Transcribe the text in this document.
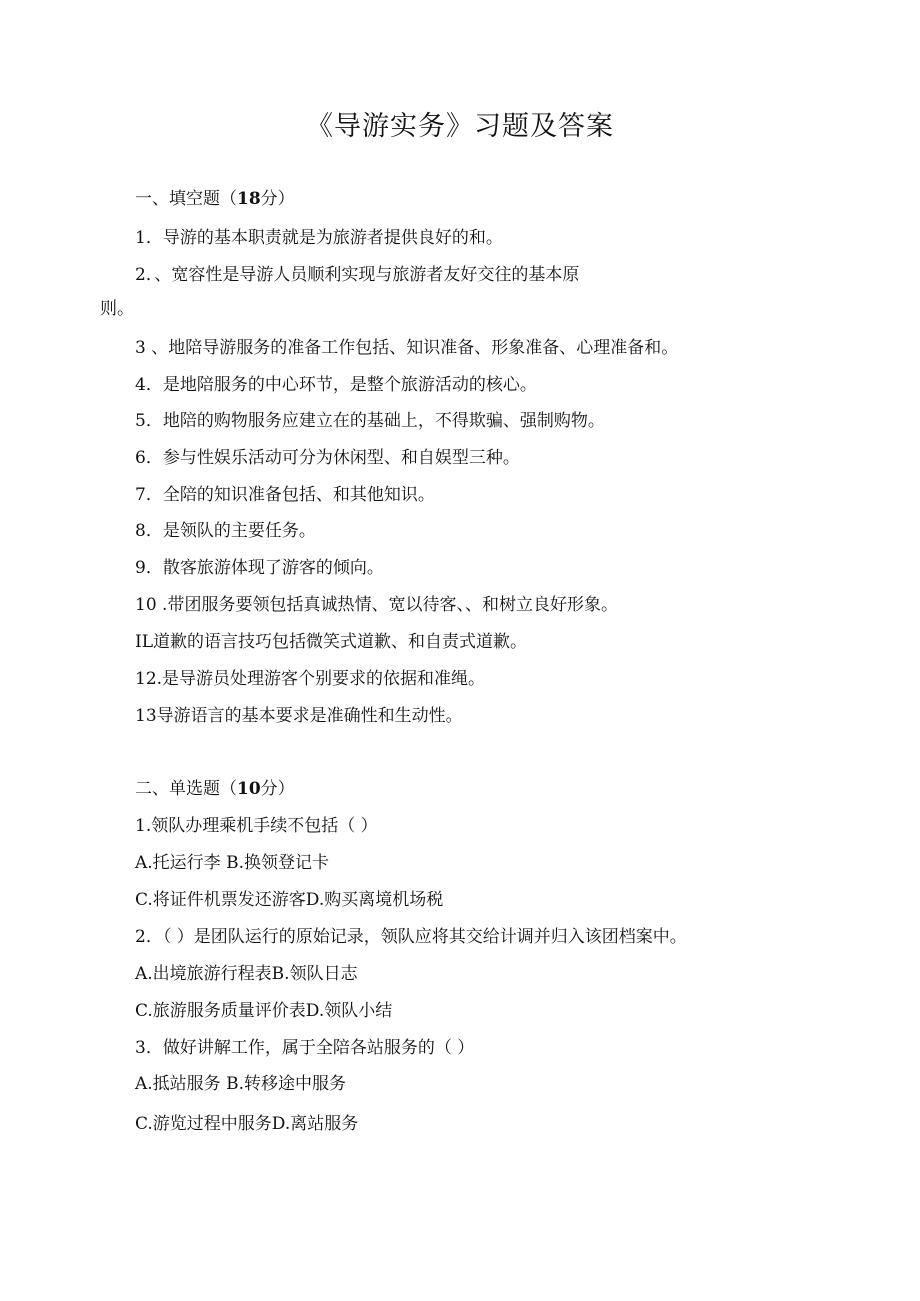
《导游实务》习题及答案
一、填空题（18分）
1．导游的基本职责就是为旅游者提供良好的和。
2．、宽容性是导游人员顺利实现与旅游者友好交往的基本原
则。
3 、地陪导游服务的准备工作包括、知识准备、形象准备、心理准备和。
4．是地陪服务的中心环节，是整个旅游活动的核心。
5．地陪的购物服务应建立在的基础上，不得欺骗、强制购物。
6．参与性娱乐活动可分为休闲型、和自娱型三种。
7．全陪的知识准备包括、和其他知识。
8．是领队的主要任务。
9．散客旅游体现了游客的倾向。
10 .带团服务要领包括真诚热情、宽以待客、、和树立良好形象。
IL道歉的语言技巧包括微笑式道歉、和自责式道歉。
12.是导游员处理游客个别要求的依据和准绳。
13导游语言的基本要求是准确性和生动性。
二、单选题（10分）
1.领队办理乘机手续不包括（ ）
A.托运行李 B.换领登记卡
C.将证件机票发还游客D.购买离境机场税
2．（ ）是团队运行的原始记录，领队应将其交给计调并归入该团档案中。
A.出境旅游行程表B.领队日志
C.旅游服务质量评价表D.领队小结
3．做好讲解工作，属于全陪各站服务的（ ）
A.抵站服务 B.转移途中服务
C.游览过程中服务D.离站服务
